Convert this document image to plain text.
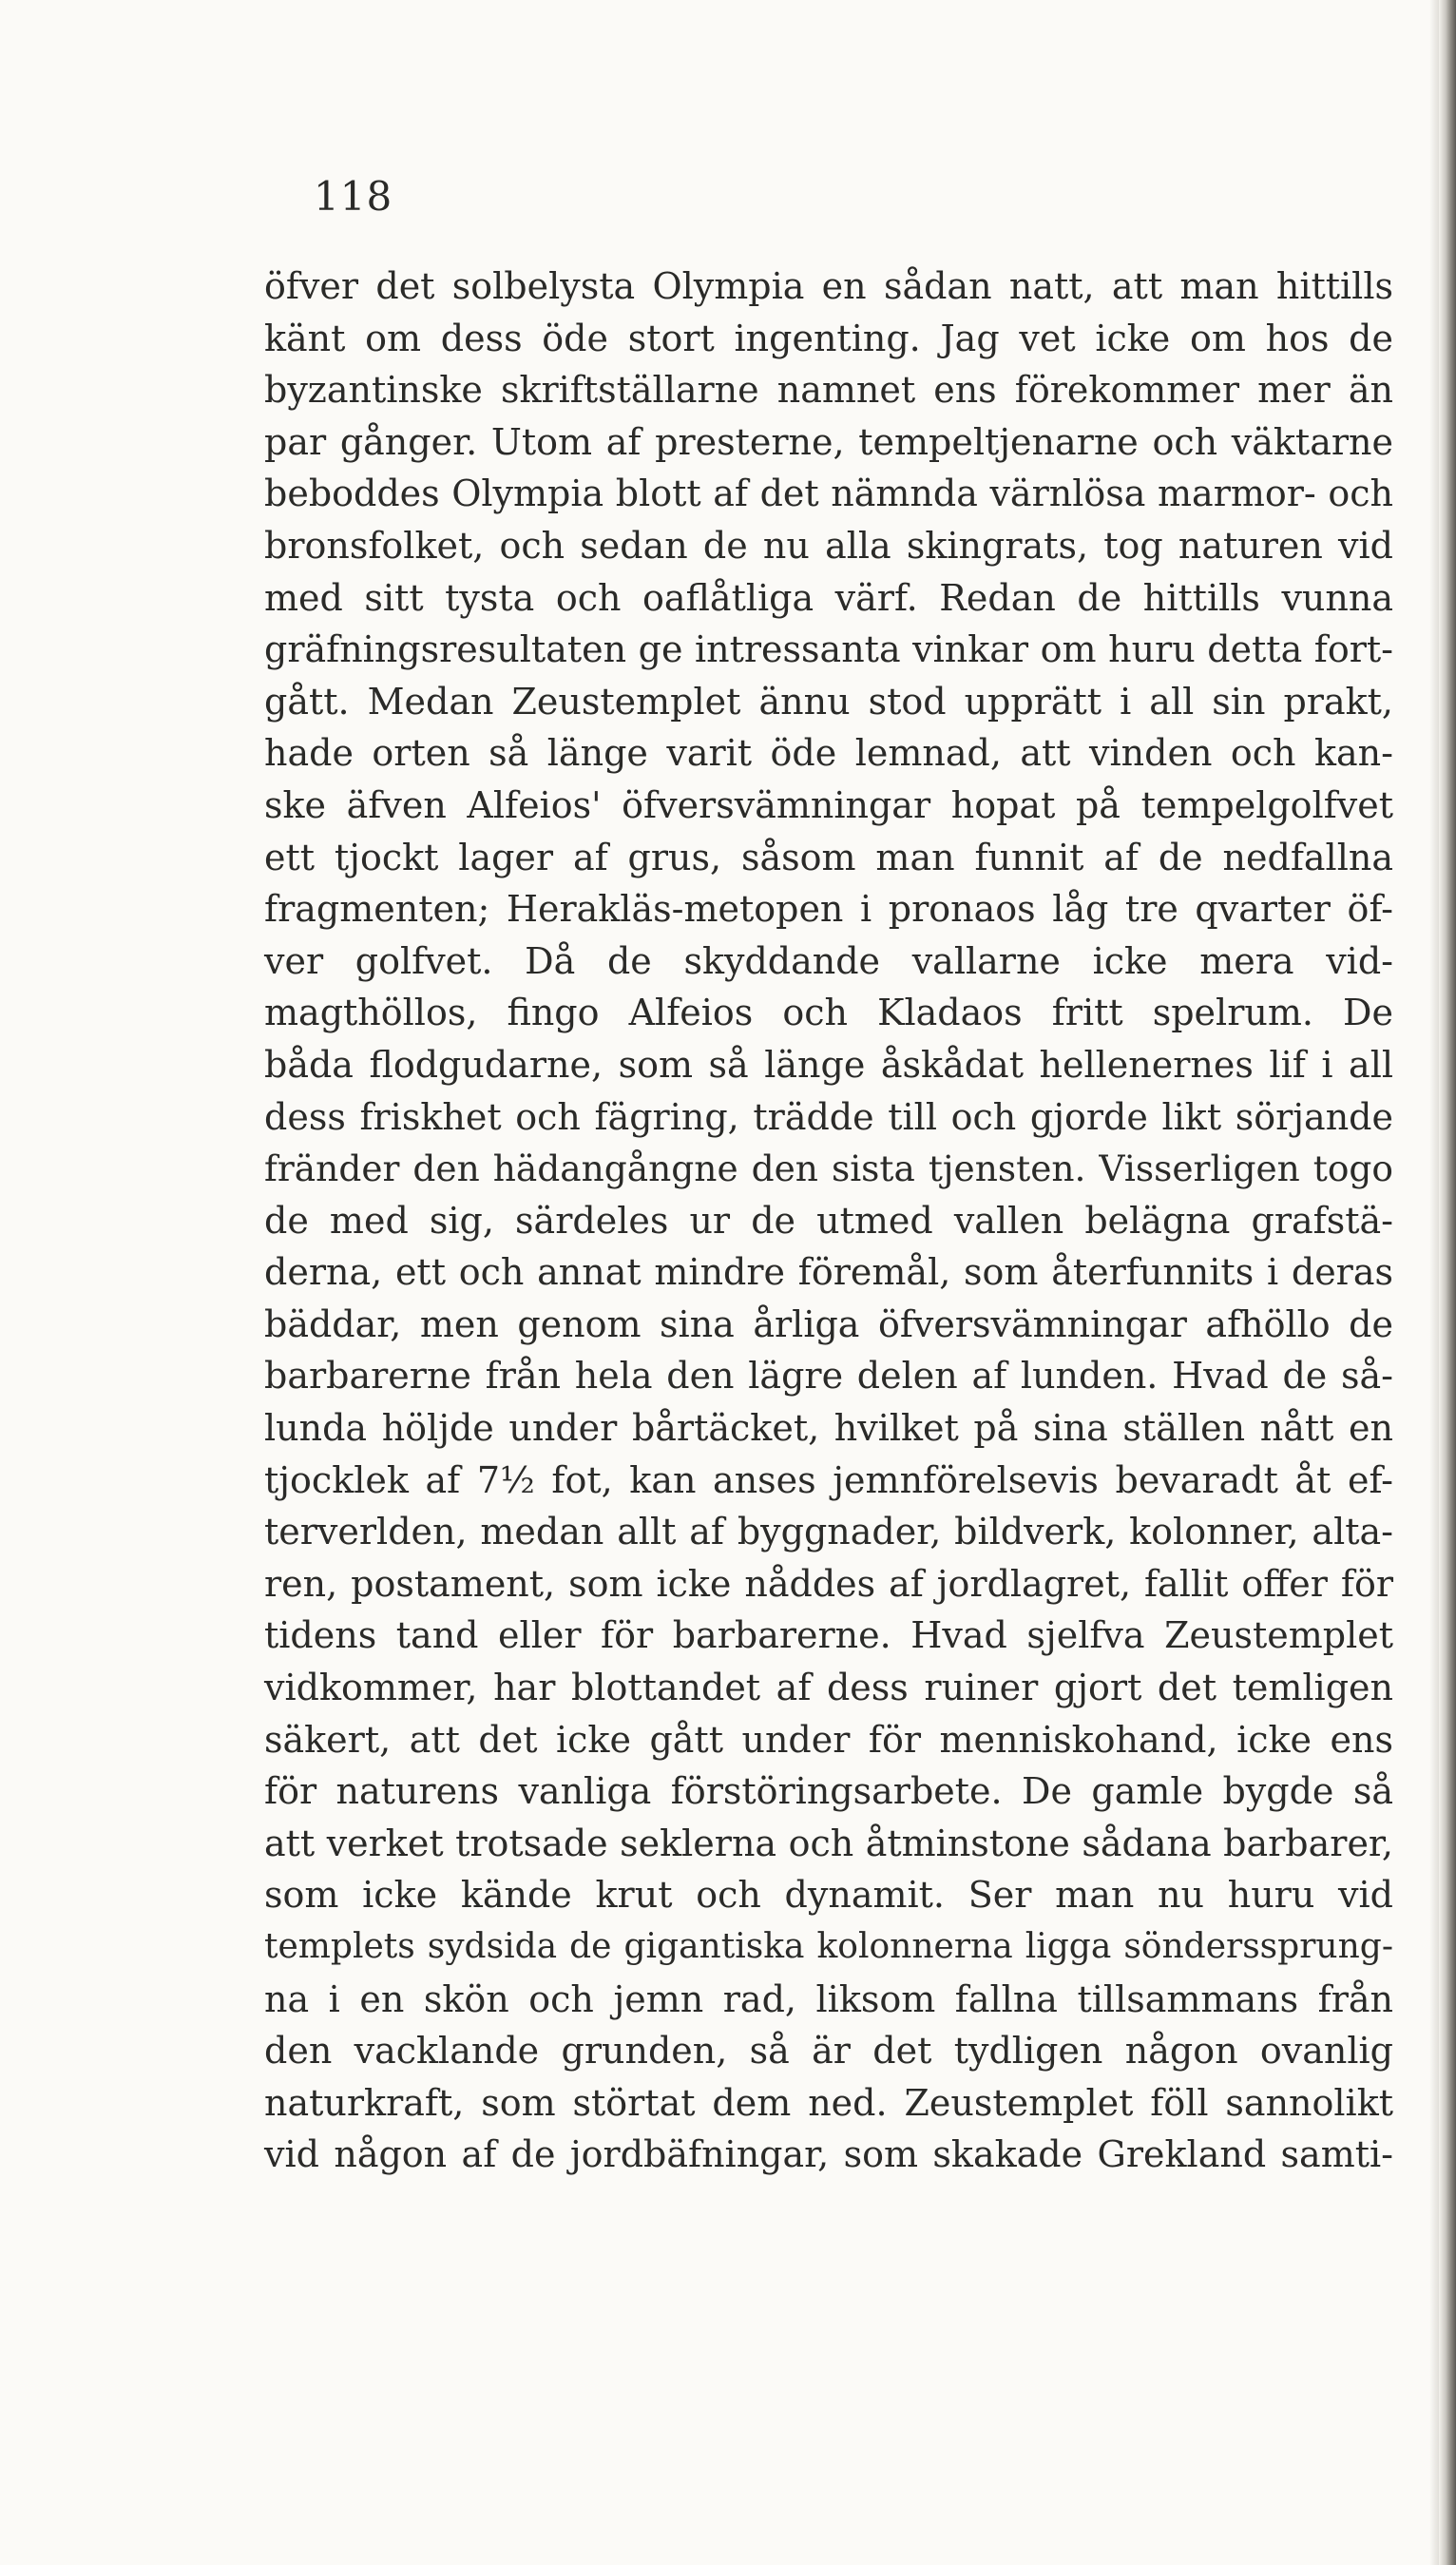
118
öfver det solbelysta Olympia en sådan natt, att man hittills
känt om dess öde stort ingenting. Jag vet icke om hos de
byzantinske skriftställarne namnet ens förekommer mer än
par gånger. Utom af presterne, tempeltjenarne och väktarne
beboddes Olympia blott af det nämnda värnlösa marmor- och
bronsfolket, och sedan de nu alla skingrats, tog naturen vid
med sitt tysta och oaflåtliga värf. Redan de hittills vunna
gräfningsresultaten ge intressanta vinkar om huru detta fort-
gått. Medan Zeustemplet ännu stod upprätt i all sin prakt,
hade orten så länge varit öde lemnad, att vinden och kan-
ske äfven Alfeios' öfversvämningar hopat på tempelgolfvet
ett tjockt lager af grus, såsom man funnit af de nedfallna
fragmenten; Herakläs-metopen i pronaos låg tre qvarter öf-
ver golfvet. Då de skyddande vallarne icke mera vid-
magthöllos, fingo Alfeios och Kladaos fritt spelrum. De
båda flodgudarne, som så länge åskådat hellenernes lif i all
dess friskhet och fägring, trädde till och gjorde likt sörjande
fränder den hädangångne den sista tjensten. Visserligen togo
de med sig, särdeles ur de utmed vallen belägna grafstä-
derna, ett och annat mindre föremål, som återfunnits i deras
bäddar, men genom sina årliga öfversvämningar afhöllo de
barbarerne från hela den lägre delen af lunden. Hvad de så-
lunda höljde under bårtäcket, hvilket på sina ställen nått en
tjocklek af 7½ fot, kan anses jemnförelsevis bevaradt åt ef-
terverlden, medan allt af byggnader, bildverk, kolonner, alta-
ren, postament, som icke nåddes af jordlagret, fallit offer för
tidens tand eller för barbarerne. Hvad sjelfva Zeustemplet
vidkommer, har blottandet af dess ruiner gjort det temligen
säkert, att det icke gått under för menniskohand, icke ens
för naturens vanliga förstöringsarbete. De gamle bygde så
att verket trotsade seklerna och åtminstone sådana barbarer,
som icke kände krut och dynamit. Ser man nu huru vid
templets sydsida de gigantiska kolonnerna ligga sönderssprung-
na i en skön och jemn rad, liksom fallna tillsammans från
den vacklande grunden, så är det tydligen någon ovanlig
naturkraft, som störtat dem ned. Zeustemplet föll sannolikt
vid någon af de jordbäfningar, som skakade Grekland samti-
